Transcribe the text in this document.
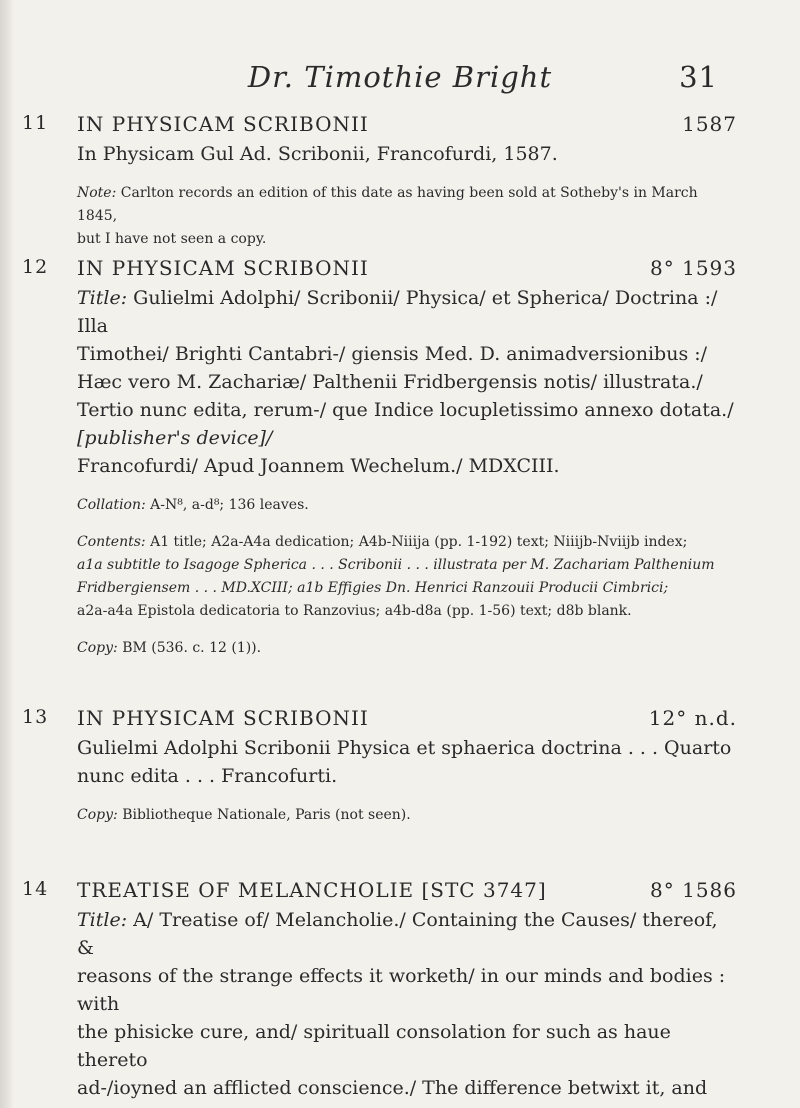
Dr. Timothie Bright	31
11 IN PHYSICAM SCRIBONII	1587
In Physicam Gul Ad. Scribonii, Francofurdi, 1587.
Note: Carlton records an edition of this date as having been sold at Sotheby's in March 1845,
but I have not seen a copy.
12 IN PHYSICAM SCRIBONII	8° 1593
Title: Gulielmi Adolphi/ Scribonii/ Physica/ et Spherica/ Doctrina :/ Illa
Timothei/ Brighti Cantabri-/ giensis Med. D. animadversionibus :/
Hæc vero M. Zachariæ/ Palthenii Fridbergensis notis/ illustrata./
Tertio nunc edita, rerum-/ que Indice locupletissimo annexo dotata./
[publisher's device]/
Francofurdi/ Apud Joannem Wechelum./ MDXCIII.
Collation: A-N⁸, a-d⁸; 136 leaves.
Contents: A1 title; A2a-A4a dedication; A4b-Niiija (pp. 1-192) text; Niiijb-Nviijb index;
a1a subtitle to Isagoge Spherica . . . Scribonii . . . illustrata per M. Zachariam Palthenium
Fridbergiensem . . . MD.XCIII; a1b Effigies Dn. Henrici Ranzouii Producii Cimbrici;
a2a-a4a Epistola dedicatoria to Ranzovius; a4b-d8a (pp. 1-56) text; d8b blank.
Copy: BM (536. c. 12 (1)).
13 IN PHYSICAM SCRIBONII	12° n.d.
Gulielmi Adolphi Scribonii Physica et sphaerica doctrina . . . Quarto
nunc edita . . . Francofurti.
Copy: Bibliotheque Nationale, Paris (not seen).
14 TREATISE OF MELANCHOLIE [STC 3747]	8° 1586
Title: A/ Treatise of/ Melancholie./ Containing the Causes/ thereof, &
reasons of the strange effects it worketh/ in our minds and bodies : with
the phisicke cure, and/ spirituall consolation for such as haue thereto
ad-/ioyned an afflicted conscience./ The difference betwixt it, and
